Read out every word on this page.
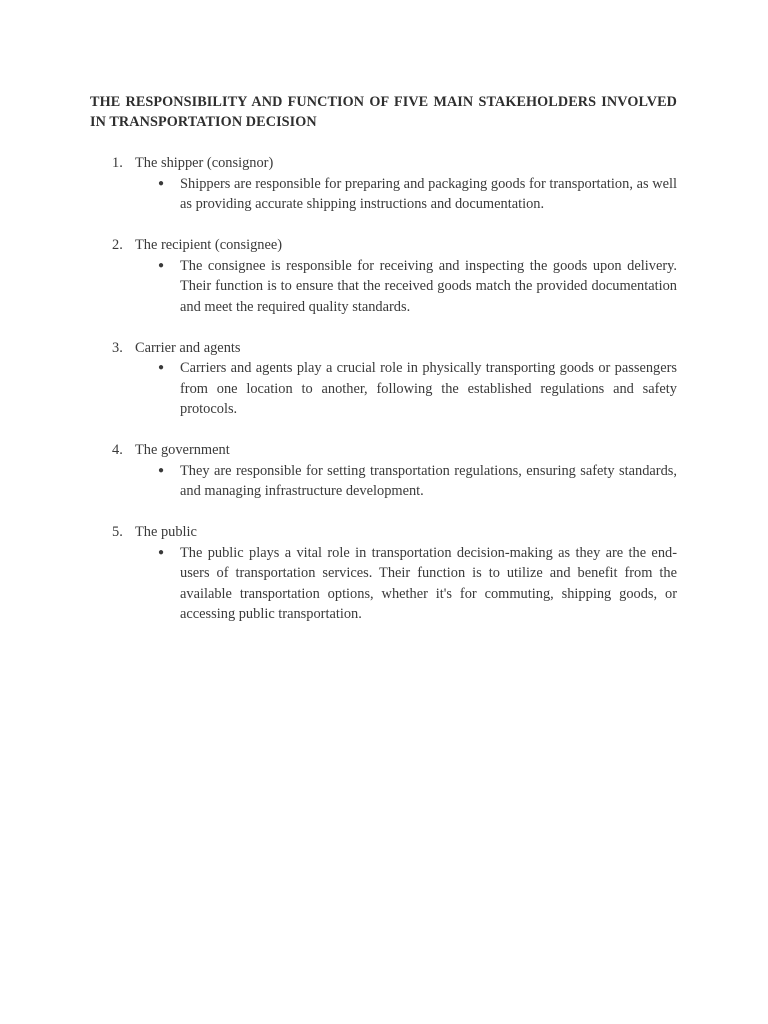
THE RESPONSIBILITY AND FUNCTION OF FIVE MAIN STAKEHOLDERS INVOLVED IN TRANSPORTATION DECISION
1. The shipper (consignor)
● Shippers are responsible for preparing and packaging goods for transportation, as well as providing accurate shipping instructions and documentation.
2. The recipient (consignee)
● The consignee is responsible for receiving and inspecting the goods upon delivery. Their function is to ensure that the received goods match the provided documentation and meet the required quality standards.
3. Carrier and agents
● Carriers and agents play a crucial role in physically transporting goods or passengers from one location to another, following the established regulations and safety protocols.
4. The government
● They are responsible for setting transportation regulations, ensuring safety standards, and managing infrastructure development.
5. The public
● The public plays a vital role in transportation decision-making as they are the end-users of transportation services. Their function is to utilize and benefit from the available transportation options, whether it's for commuting, shipping goods, or accessing public transportation.
